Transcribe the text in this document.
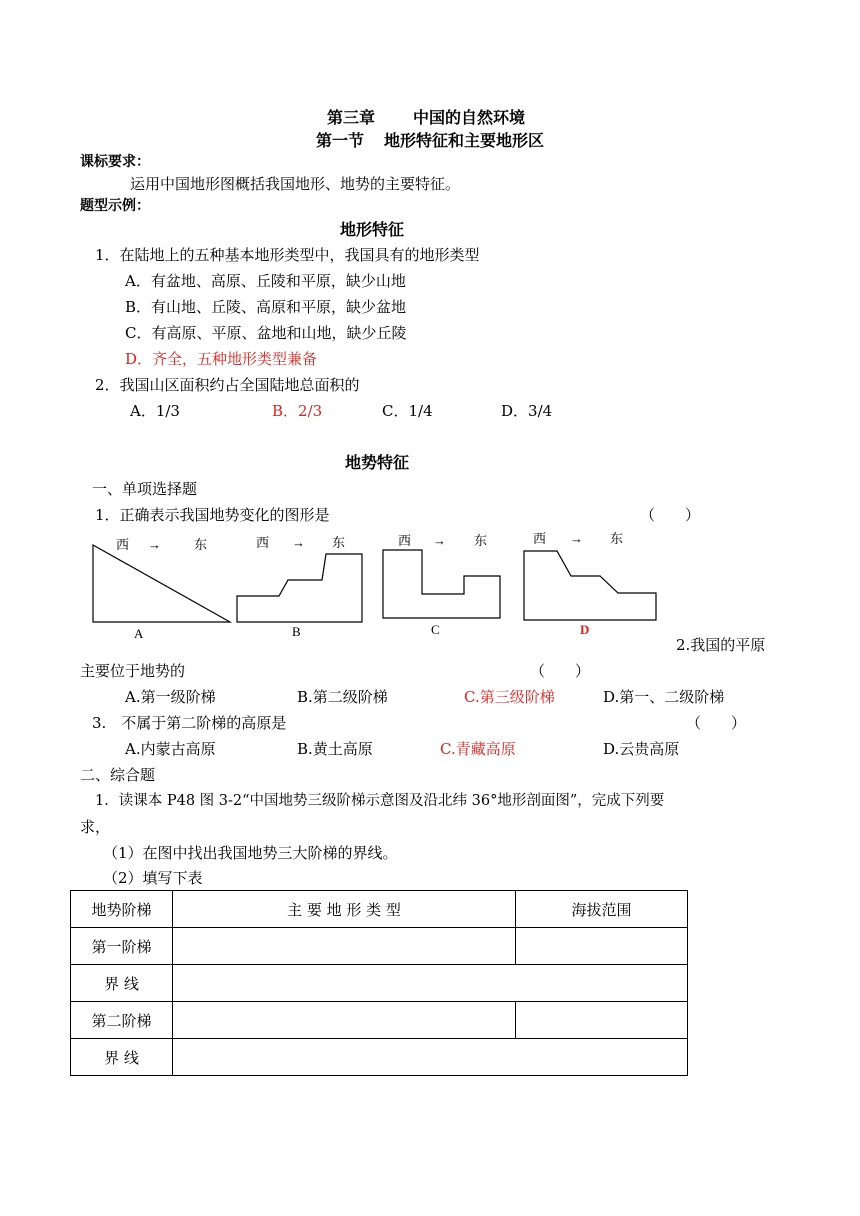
第三章 中国的自然环境
第一节 地形特征和主要地形区
课标要求：
运用中国地形图概括我国地形、地势的主要特征。
题型示例：
地形特征
1．在陆地上的五种基本地形类型中，我国具有的地形类型
A．有盆地、高原、丘陵和平原，缺少山地
B．有山地、丘陵、高原和平原，缺少盆地
C．有高原、平原、盆地和山地，缺少丘陵
D．齐全，五种地形类型兼备
2．我国山区面积约占全国陆地总面积的
A．1/3	B．2/3	C．1/4	D．3/4
地势特征
一、单项选择题
1．正确表示我国地势变化的图形是	（　　）
西 →	东
A
西 → 东
B
西 → 东
C
西 → 东
D
2.我国的平原
主要位于地势的	（　　）
A.第一级阶梯	B.第二级阶梯	C.第三级阶梯	D.第一、二级阶梯
3.　不属于第二阶梯的高原是	（　　）
A.内蒙古高原	B.黄土高原	C.青藏高原	D.云贵高原
二、综合题
1．读课本 P48 图 3-2“中国地势三级阶梯示意图及沿北纬 36°地形剖面图”，完成下列要
求，
（1）在图中找出我国地势三大阶梯的界线。
（2）填写下表
地势阶梯	主 要 地 形 类 型	海拔范围
第一阶梯		
界 线		
第二阶梯		
界 线		
